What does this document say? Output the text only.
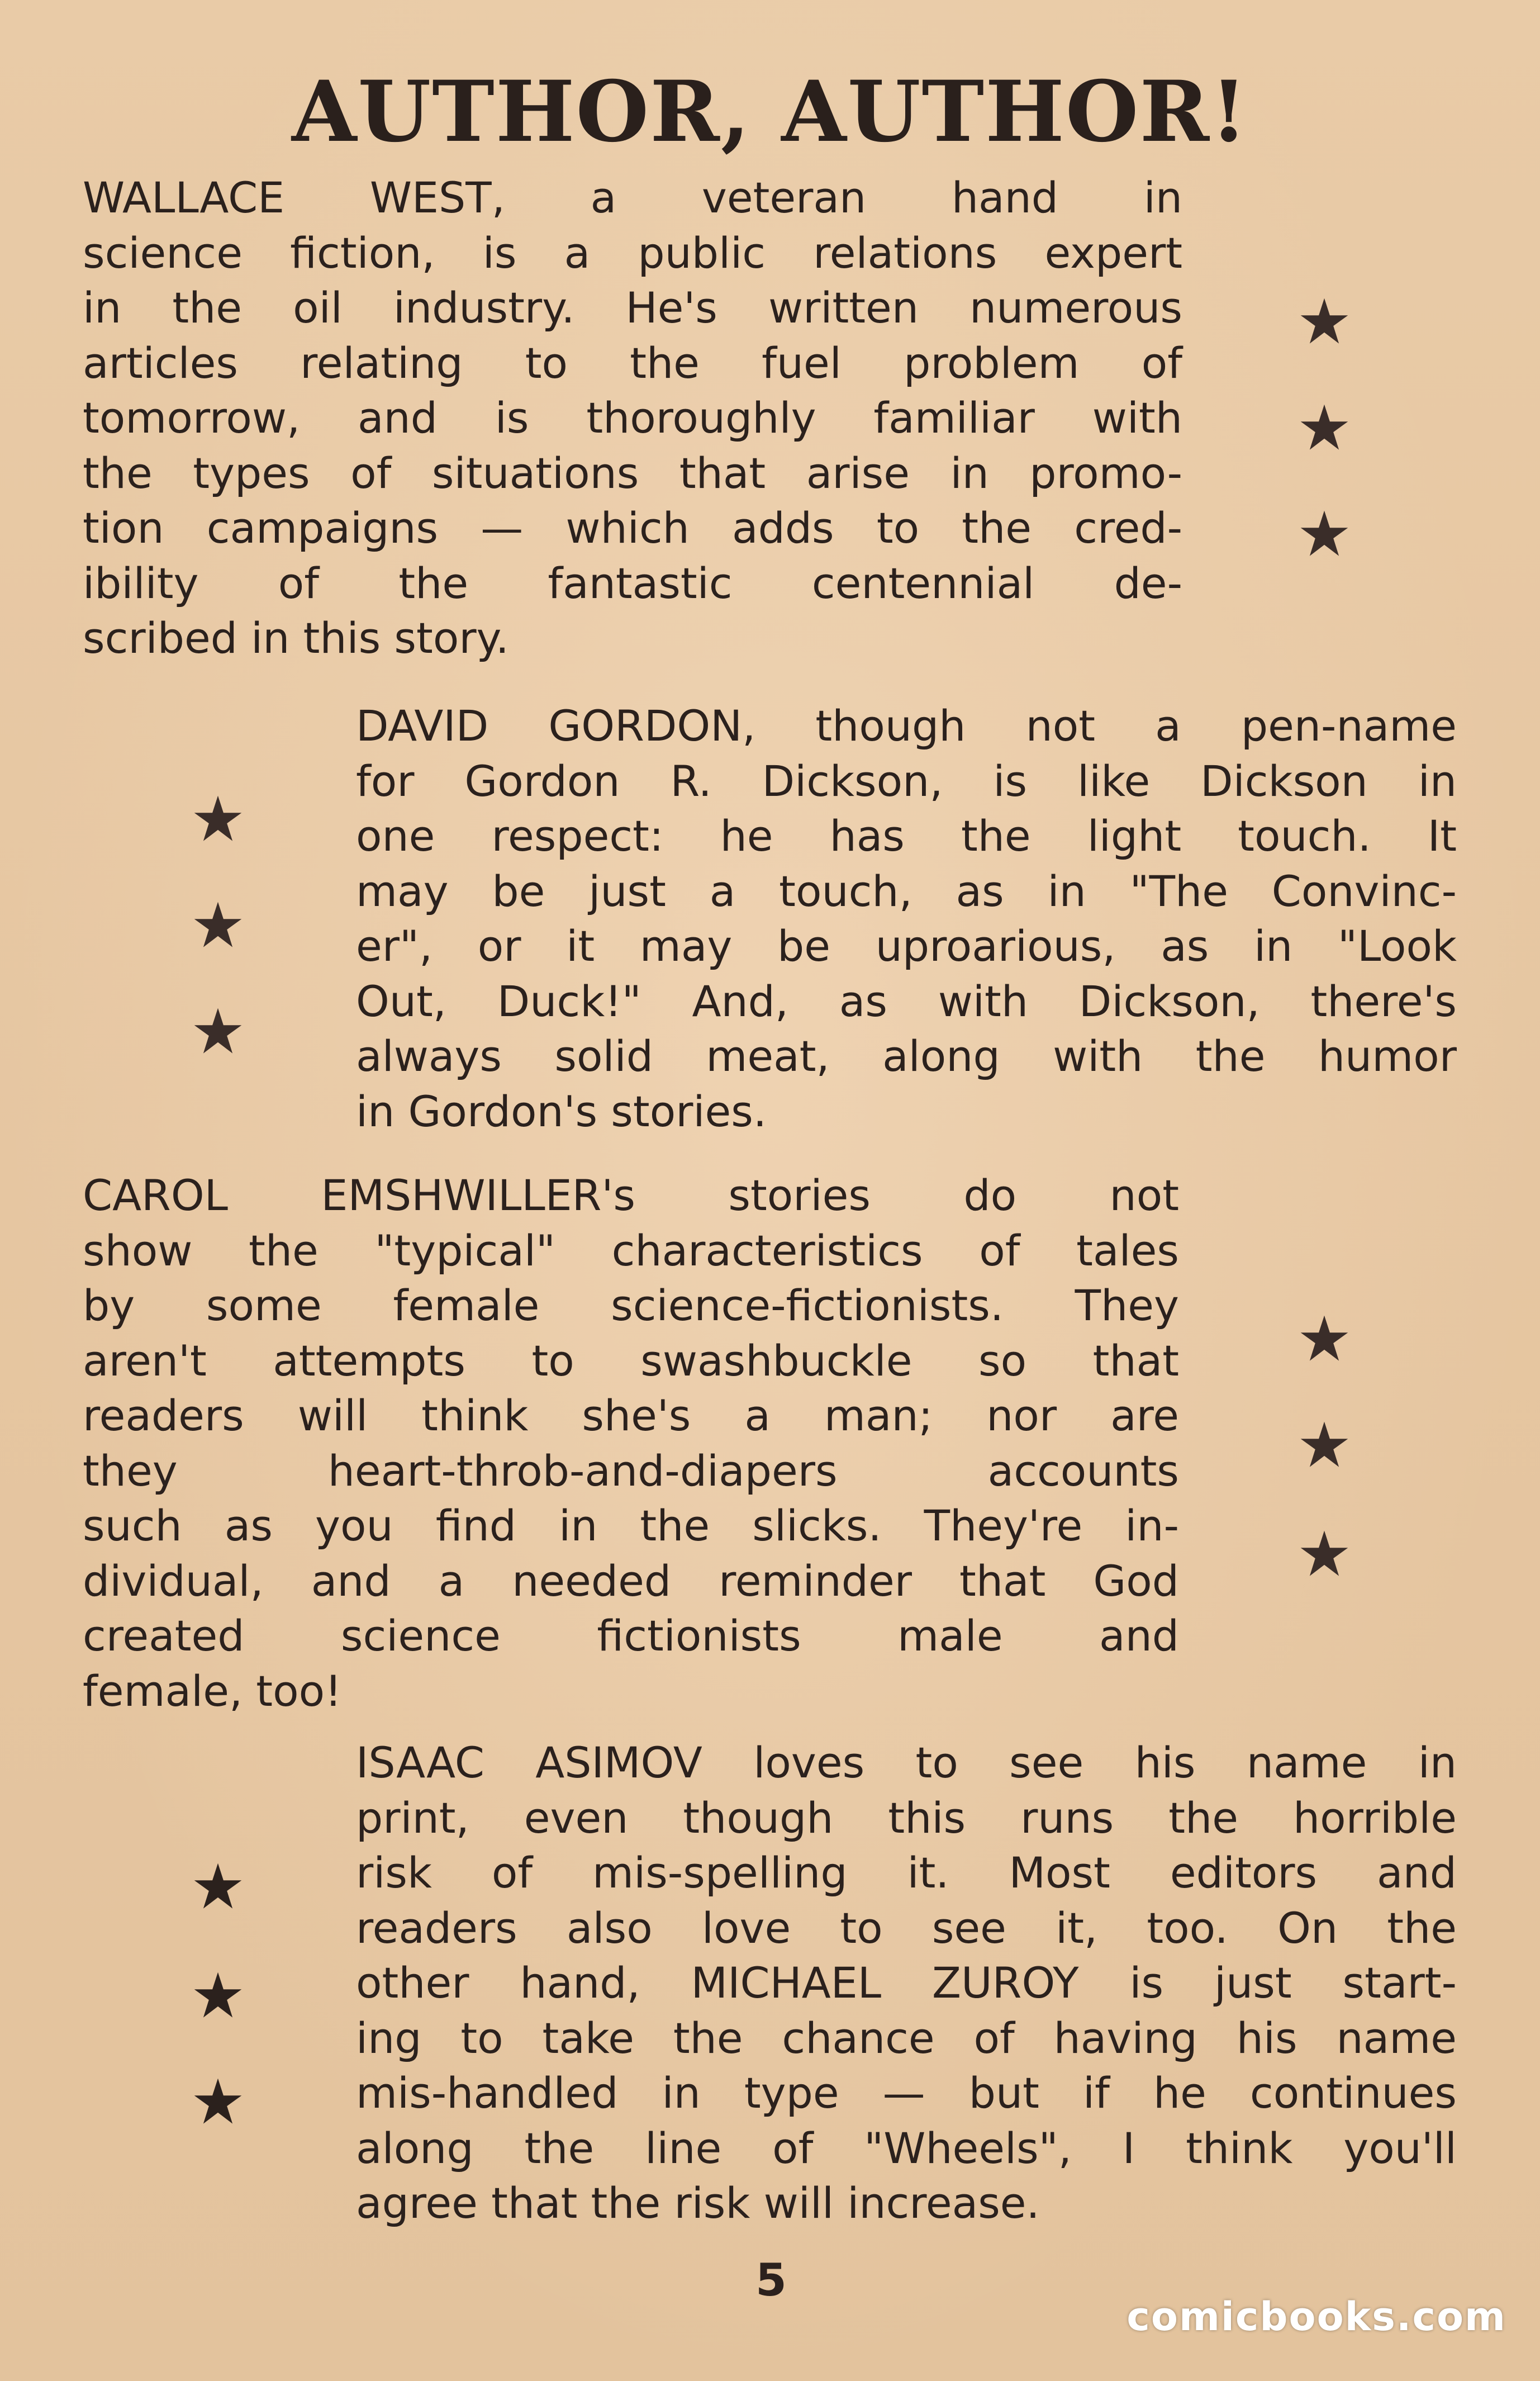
AUTHOR, AUTHOR!
WALLACE WEST, a veteran hand in
science fiction, is a public relations expert
in the oil industry. He's written numerous
articles relating to the fuel problem of
tomorrow, and is thoroughly familiar with
the types of situations that arise in promo-
tion campaigns — which adds to the cred-
ibility of the fantastic centennial de-
scribed in this story.
DAVID GORDON, though not a pen-name
for Gordon R. Dickson, is like Dickson in
one respect: he has the light touch. It
may be just a touch, as in "The Convinc-
er", or it may be uproarious, as in "Look
Out, Duck!" And, as with Dickson, there's
always solid meat, along with the humor
in Gordon's stories.
CAROL EMSHWILLER's stories do not
show the "typical" characteristics of tales
by some female science-fictionists. They
aren't attempts to swashbuckle so that
readers will think she's a man; nor are
they heart-throb-and-diapers accounts
such as you find in the slicks. They're in-
dividual, and a needed reminder that God
created science fictionists male and
female, too!
ISAAC ASIMOV loves to see his name in
print, even though this runs the horrible
risk of mis-spelling it. Most editors and
readers also love to see it, too. On the
other hand, MICHAEL ZUROY is just start-
ing to take the chance of having his name
mis-handled in type — but if he continues
along the line of "Wheels", I think you'll
agree that the risk will increase.
5
comicbooks.com
